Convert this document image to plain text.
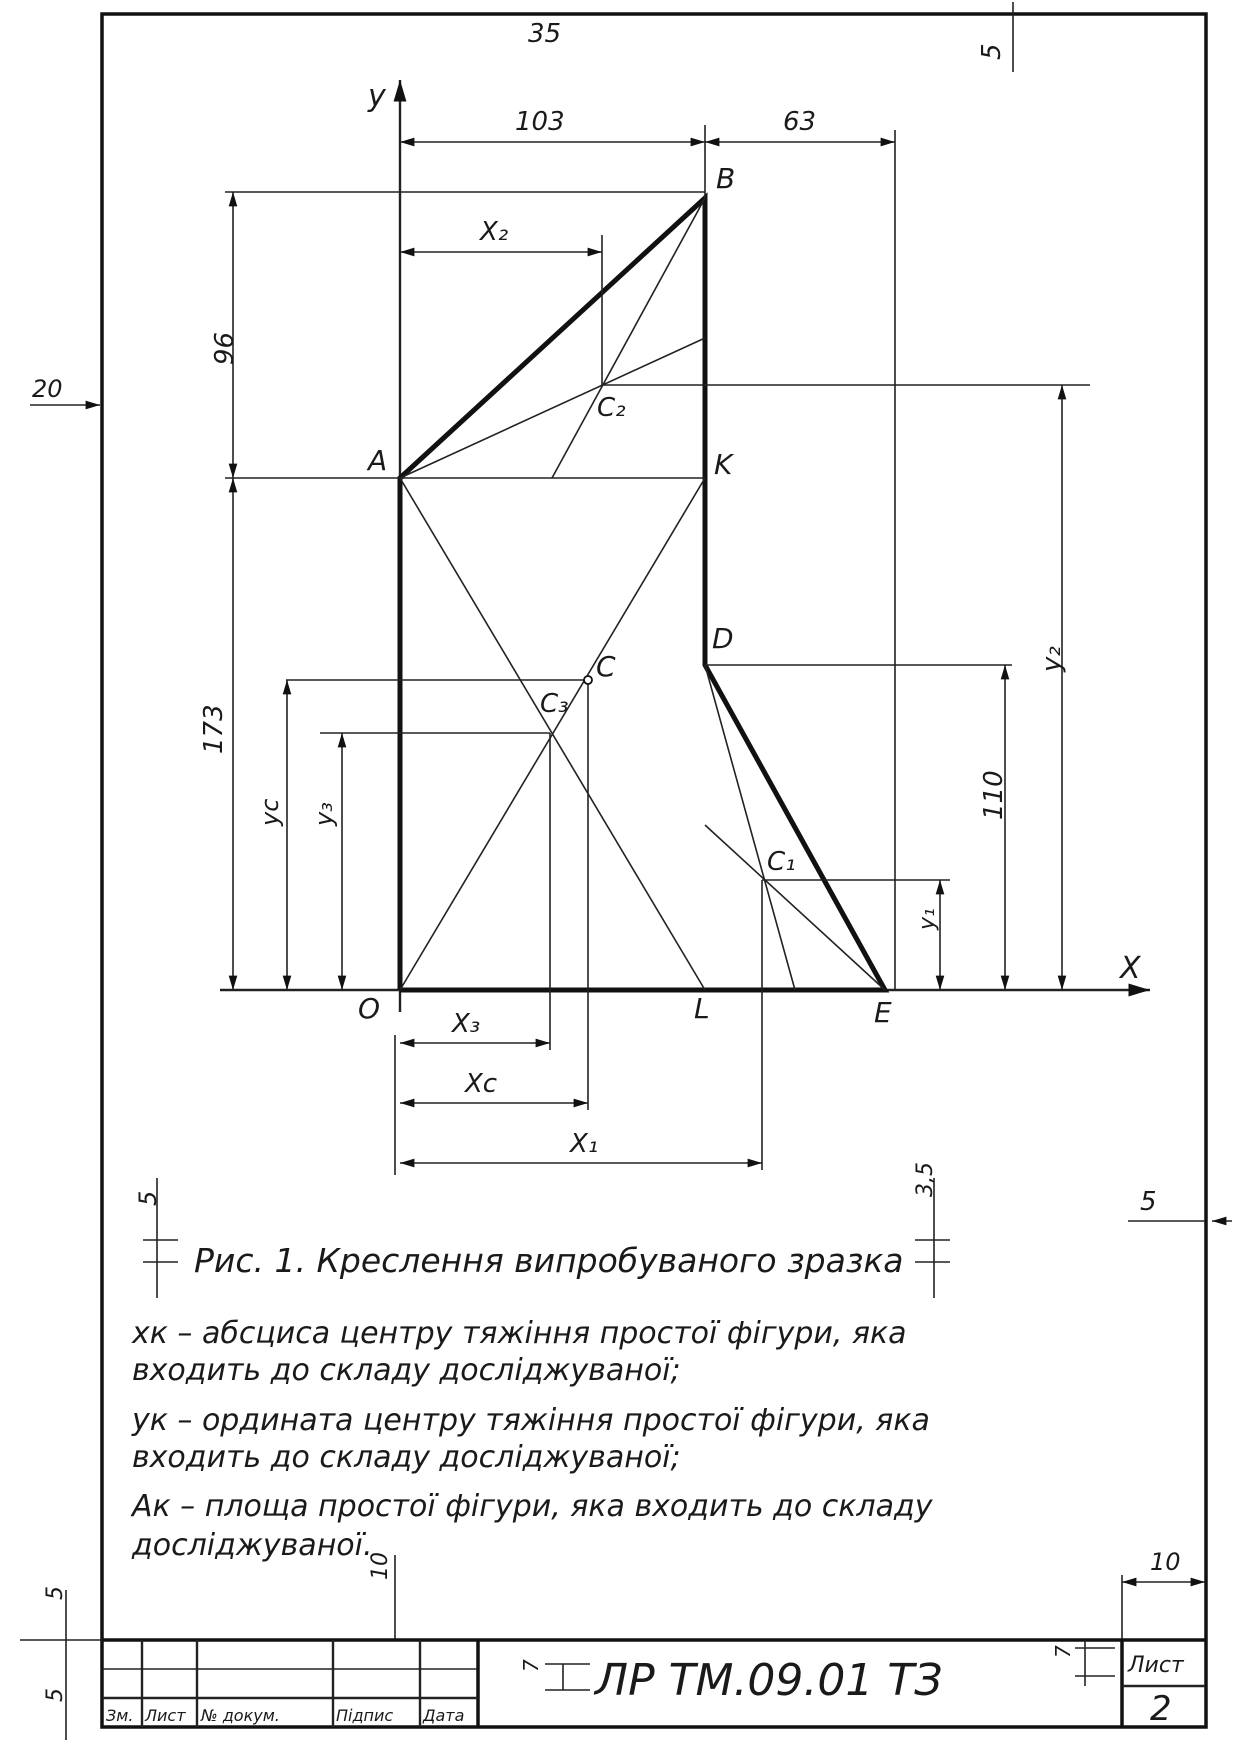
35
5
20
5
y
X
O
A
B
K
D
L	E
C
C₁
C₂
C₃
103	63
96
173
110
y₂
yc y₃
y₁
X₂
X₃
Xc
X₁
5
Рис. 1. Креслення випробуваного зразка
3,5
xк – абсциса центру тяжіння простої фігури, яка
входить до складу досліджуваної;
yк – ордината центру тяжіння простої фігури, яка
входить до складу досліджуваної;
Aк – площа простої фігури, яка входить до складу
досліджуваної.
10	10
5
5
Зм. Лист № докум.	Підпис Дата
7 ЛР ТМ.09.01 ТЗ
7
Лист
2
